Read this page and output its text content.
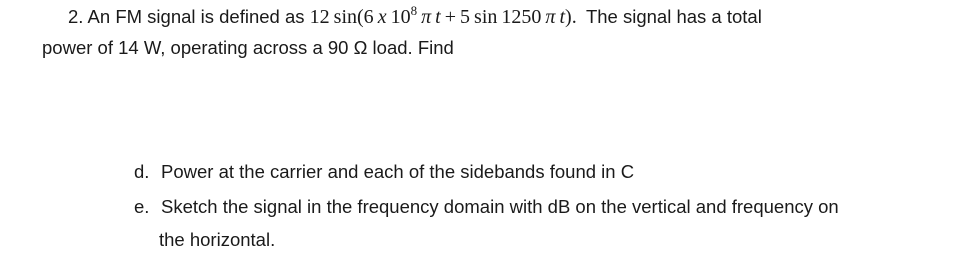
2. An FM signal is defined as 12  sin(6  x  $10^8$  π  t  +  5  sin  1250  π  t).  The signal has a total
power of 14 W, operating across a 90 Ω load. Find
d. Power at the carrier and each of the sidebands found in C
e. Sketch the signal in the frequency domain with dB on the vertical and frequency on
the horizontal.
